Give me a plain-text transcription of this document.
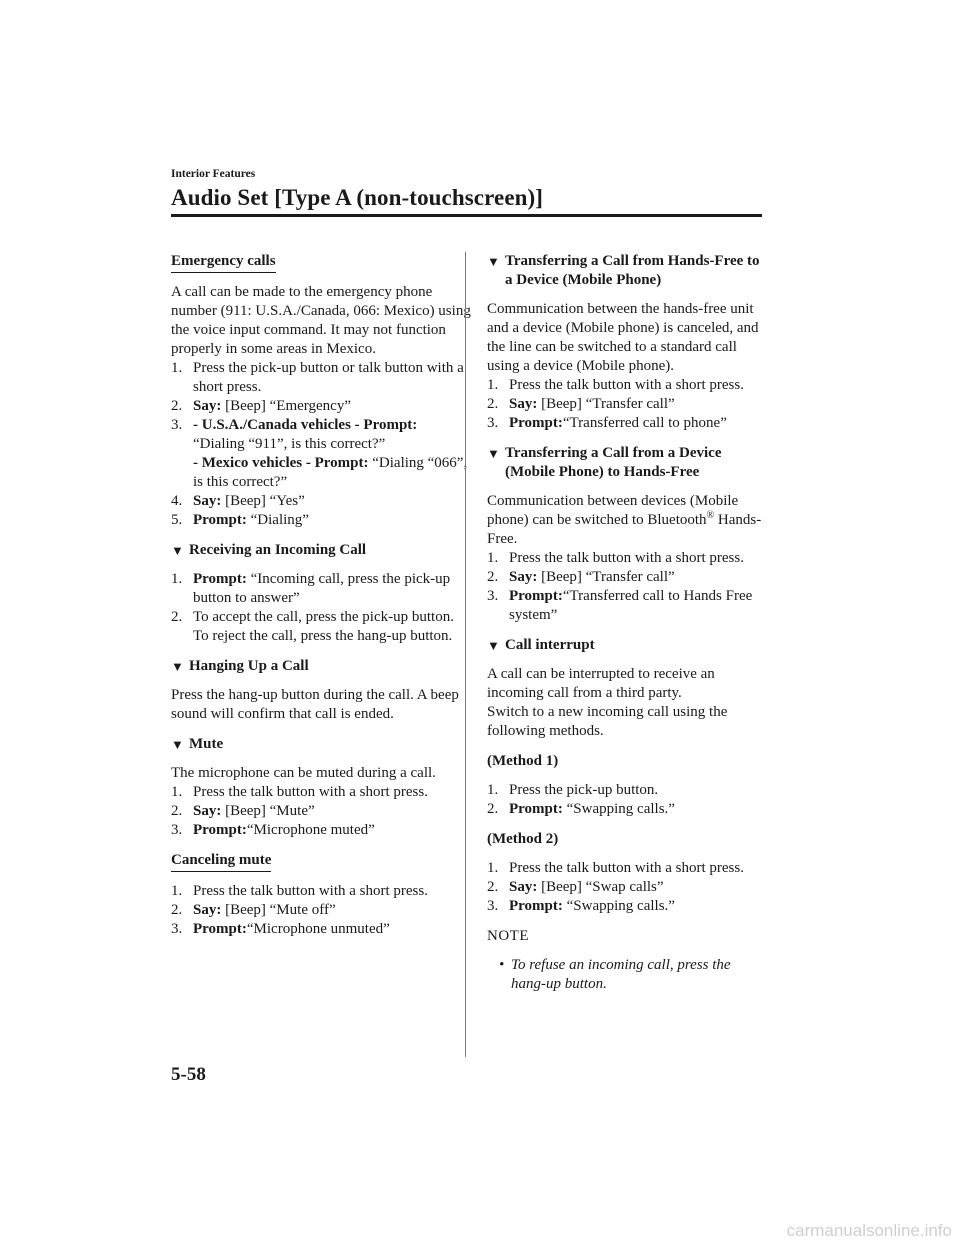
Interior Features
Audio Set [Type A (non-touchscreen)]
Emergency calls
A call can be made to the emergency phone number (911: U.S.A./Canada, 066: Mexico) using the voice input command. It may not function properly in some areas in Mexico.
1. Press the pick-up button or talk button with a short press.
2. Say: [Beep] “Emergency”
3. - U.S.A./Canada vehicles - Prompt:
“Dialing “911”, is this correct?”
- Mexico vehicles - Prompt: “Dialing “066”, is this correct?”
4. Say: [Beep] “Yes”
5. Prompt: “Dialing”
▼ Receiving an Incoming Call
1. Prompt: “Incoming call, press the pick-up button to answer”
2. To accept the call, press the pick-up button.
To reject the call, press the hang-up button.
▼ Hanging Up a Call
Press the hang-up button during the call. A beep sound will confirm that call is ended.
▼ Mute
The microphone can be muted during a call.
1. Press the talk button with a short press.
2. Say: [Beep] “Mute”
3. Prompt:“Microphone muted”
Canceling mute
1. Press the talk button with a short press.
2. Say: [Beep] “Mute off”
3. Prompt:“Microphone unmuted”
▼ Transferring a Call from Hands-Free to a Device (Mobile Phone)
Communication between the hands-free unit and a device (Mobile phone) is canceled, and the line can be switched to a standard call using a device (Mobile phone).
1. Press the talk button with a short press.
2. Say: [Beep] “Transfer call”
3. Prompt:“Transferred call to phone”
▼ Transferring a Call from a Device (Mobile Phone) to Hands-Free
Communication between devices (Mobile phone) can be switched to Bluetooth® Hands-Free.
1. Press the talk button with a short press.
2. Say: [Beep] “Transfer call”
3. Prompt:“Transferred call to Hands Free system”
▼ Call interrupt
A call can be interrupted to receive an incoming call from a third party.
Switch to a new incoming call using the following methods.
(Method 1)
1. Press the pick-up button.
2. Prompt: “Swapping calls.”
(Method 2)
1. Press the talk button with a short press.
2. Say: [Beep] “Swap calls”
3. Prompt: “Swapping calls.”
NOTE
• To refuse an incoming call, press the hang-up button.
5-58
carmanualsonline.info
